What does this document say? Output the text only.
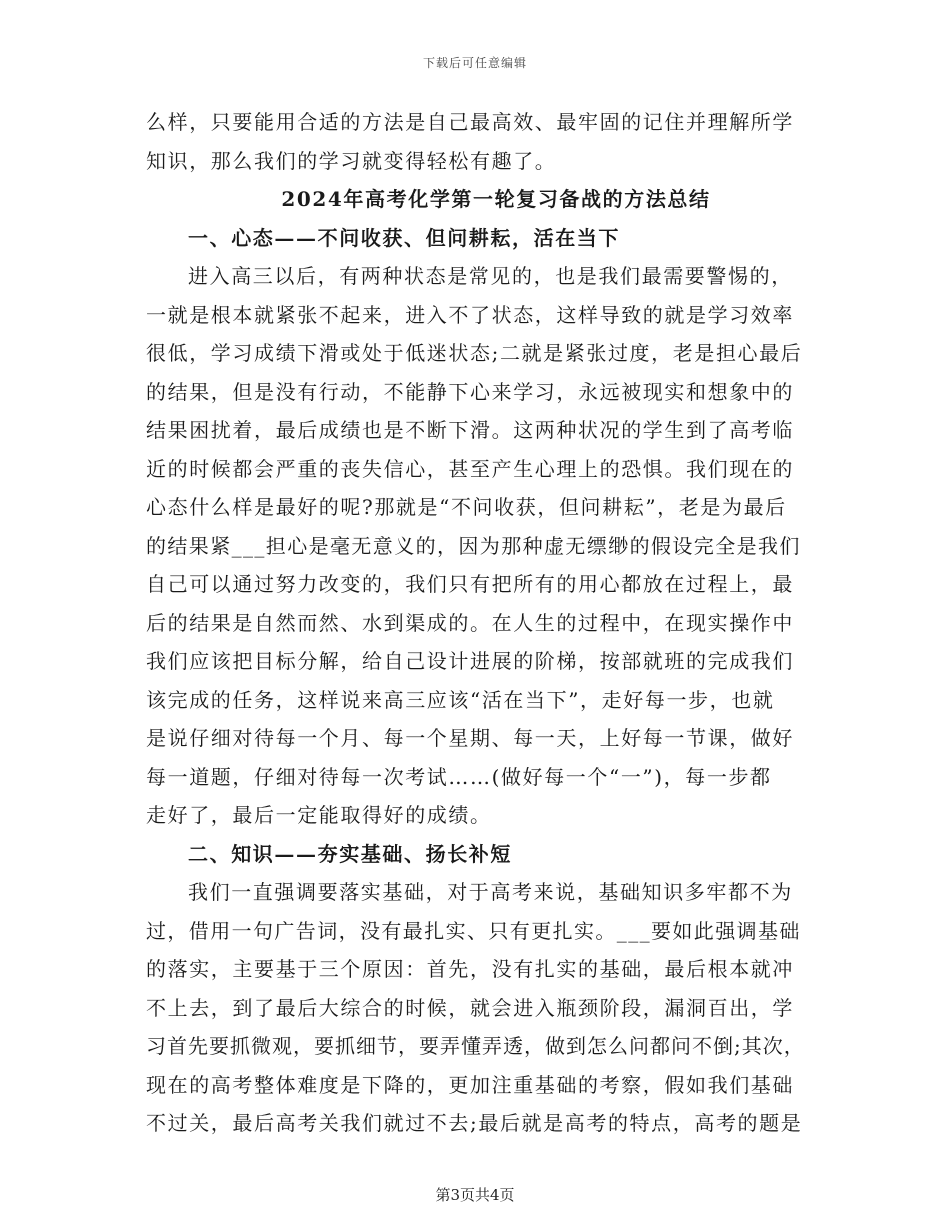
下载后可任意编辑
么样，只要能用合适的方法是自己最高效、最牢固的记住并理解所学
知识，那么我们的学习就变得轻松有趣了。
2024年高考化学第一轮复习备战的方法总结
一、心态——不问收获、但问耕耘，活在当下
进入高三以后，有两种状态是常见的，也是我们最需要警惕的，
一就是根本就紧张不起来，进入不了状态，这样导致的就是学习效率
很低，学习成绩下滑或处于低迷状态;二就是紧张过度，老是担心最后
的结果，但是没有行动，不能静下心来学习，永远被现实和想象中的
结果困扰着，最后成绩也是不断下滑。这两种状况的学生到了高考临
近的时候都会严重的丧失信心，甚至产生心理上的恐惧。我们现在的
心态什么样是最好的呢?那就是“不问收获，但问耕耘”，老是为最后
的结果紧___担心是毫无意义的，因为那种虚无缥缈的假设完全是我们
自己可以通过努力改变的，我们只有把所有的用心都放在过程上，最
后的结果是自然而然、水到渠成的。在人生的过程中，在现实操作中
我们应该把目标分解，给自己设计进展的阶梯，按部就班的完成我们
该完成的任务，这样说来高三应该“活在当下”，走好每一步，也就
是说仔细对待每一个月、每一个星期、每一天，上好每一节课，做好
每一道题，仔细对待每一次考试……(做好每一个“一”)，每一步都
走好了，最后一定能取得好的成绩。
二、知识——夯实基础、扬长补短
我们一直强调要落实基础，对于高考来说，基础知识多牢都不为
过，借用一句广告词，没有最扎实、只有更扎实。___要如此强调基础
的落实，主要基于三个原因：首先，没有扎实的基础，最后根本就冲
不上去，到了最后大综合的时候，就会进入瓶颈阶段，漏洞百出，学
习首先要抓微观，要抓细节，要弄懂弄透，做到怎么问都问不倒;其次，
现在的高考整体难度是下降的，更加注重基础的考察，假如我们基础
不过关，最后高考关我们就过不去;最后就是高考的特点，高考的题是
第3页共4页
